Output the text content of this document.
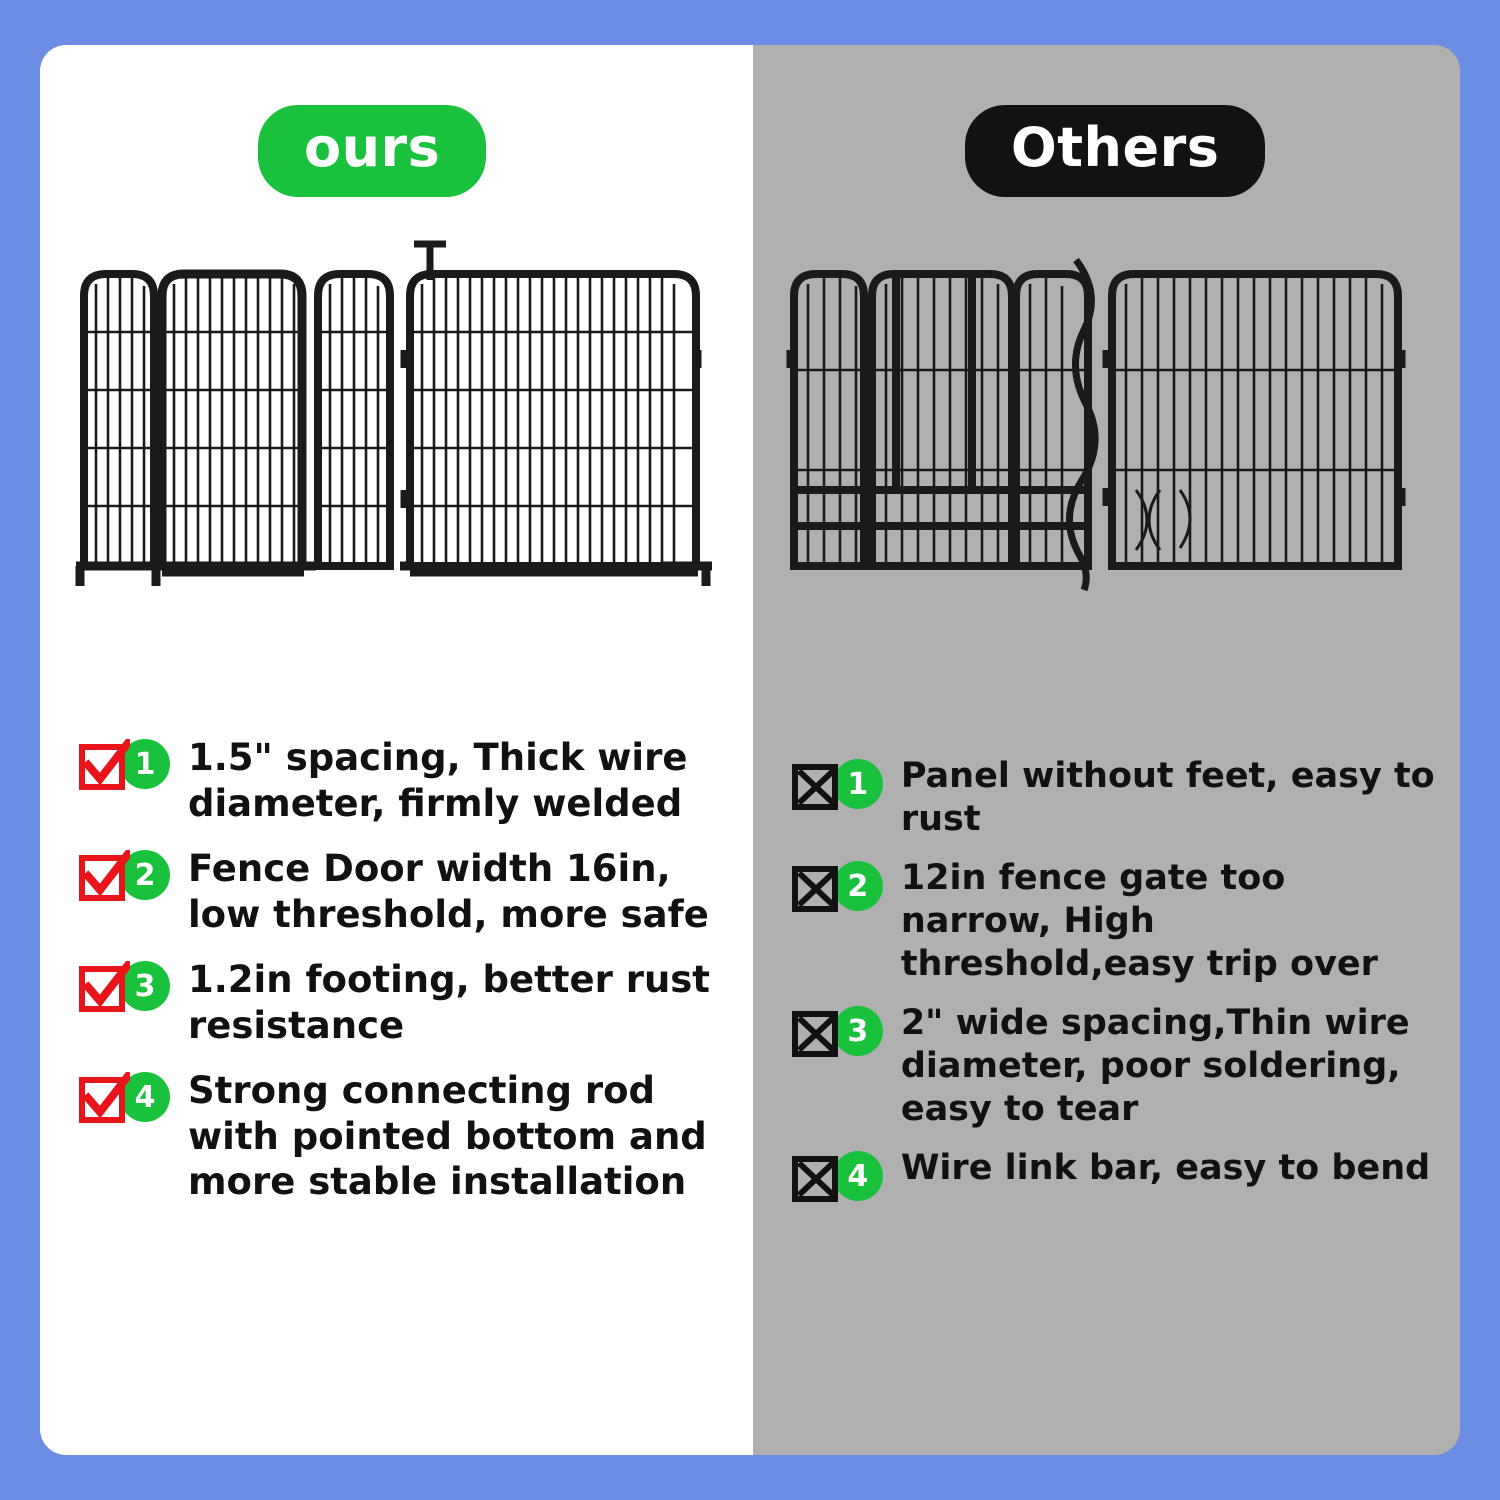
ours
1 1.5" spacing, Thick wire diameter, firmly welded
2 Fence Door width 16in, low threshold, more safe
3 1.2in footing, better rust resistance
4 Strong connecting rod with pointed bottom and more stable installation
Others
1 Panel without feet, easy to rust
2 12in fence gate too narrow, High threshold,easy trip over
3 2" wide spacing,Thin wire diameter, poor soldering, easy to tear
4 Wire link bar, easy to bend
